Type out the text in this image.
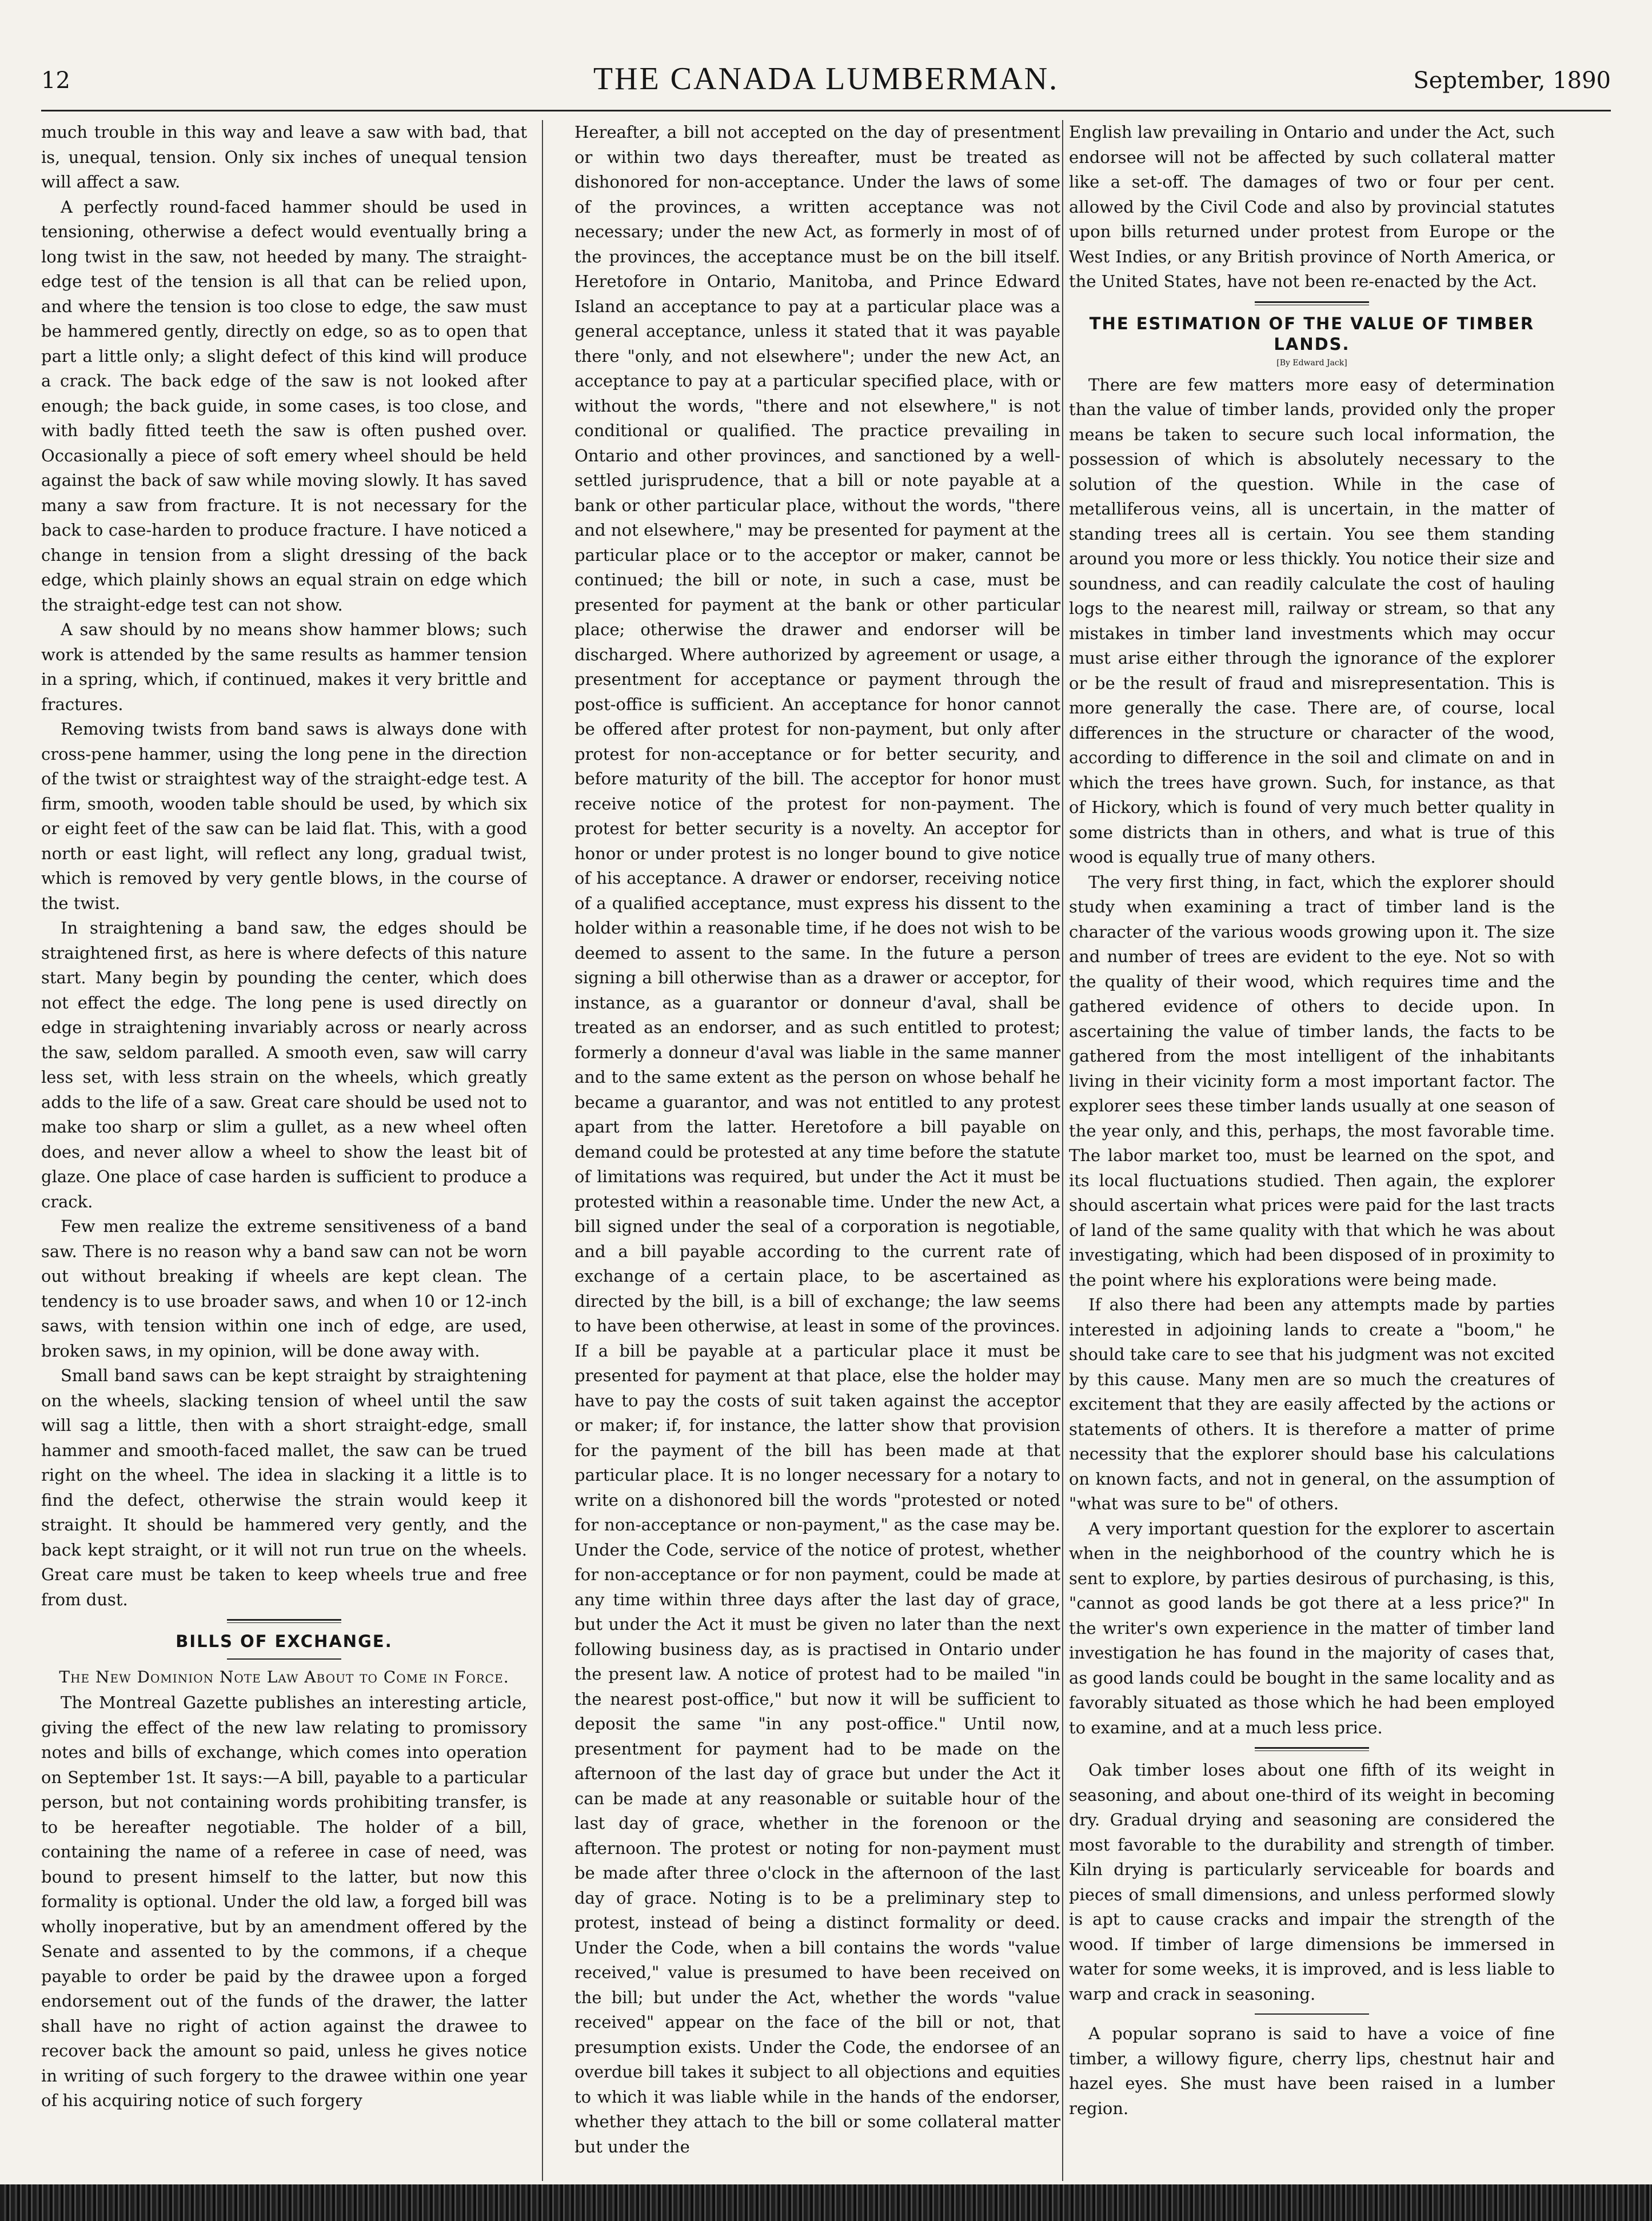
12	THE CANADA LUMBERMAN.	September, 1890

much trouble in this way and leave a saw with bad, that is, unequal, tension. Only six inches of unequal tension will affect a saw.

A perfectly round-faced hammer should be used in tensioning, otherwise a defect would eventually bring a long twist in the saw, not heeded by many. The straight-edge test of the tension is all that can be relied upon, and where the tension is too close to edge, the saw must be hammered gently, directly on edge, so as to open that part a little only; a slight defect of this kind will produce a crack. The back edge of the saw is not looked after enough; the back guide, in some cases, is too close, and with badly fitted teeth the saw is often pushed over. Occasionally a piece of soft emery wheel should be held against the back of saw while moving slowly. It has saved many a saw from fracture. It is not necessary for the back to case-harden to produce fracture. I have noticed a change in tension from a slight dressing of the back edge, which plainly shows an equal strain on edge which the straight-edge test can not show.

A saw should by no means show hammer blows; such work is attended by the same results as hammer tension in a spring, which, if continued, makes it very brittle and fractures.

Removing twists from band saws is always done with cross-pene hammer, using the long pene in the direction of the twist or straightest way of the straight-edge test. A firm, smooth, wooden table should be used, by which six or eight feet of the saw can be laid flat. This, with a good north or east light, will reflect any long, gradual twist, which is removed by very gentle blows, in the course of the twist.

In straightening a band saw, the edges should be straightened first, as here is where defects of this nature start. Many begin by pounding the center, which does not effect the edge. The long pene is used directly on edge in straightening invariably across or nearly across the saw, seldom paralled. A smooth even, saw will carry less set, with less strain on the wheels, which greatly adds to the life of a saw. Great care should be used not to make too sharp or slim a gullet, as a new wheel often does, and never allow a wheel to show the least bit of glaze. One place of case harden is sufficient to produce a crack.

Few men realize the extreme sensitiveness of a band saw. There is no reason why a band saw can not be worn out without breaking if wheels are kept clean. The tendency is to use broader saws, and when 10 or 12-inch saws, with tension within one inch of edge, are used, broken saws, in my opinion, will be done away with.

Small band saws can be kept straight by straightening on the wheels, slacking tension of wheel until the saw will sag a little, then with a short straight-edge, small hammer and smooth-faced mallet, the saw can be trued right on the wheel. The idea in slacking it a little is to find the defect, otherwise the strain would keep it straight. It should be hammered very gently, and the back kept straight, or it will not run true on the wheels. Great care must be taken to keep wheels true and free from dust.

BILLS OF EXCHANGE.
The New Dominion Note Law About to Come in Force.

The Montreal Gazette publishes an interesting article, giving the effect of the new law relating to promissory notes and bills of exchange, which comes into operation on September 1st. It says:—A bill, payable to a particular person, but not containing words prohibiting transfer, is to be hereafter negotiable. The holder of a bill, containing the name of a referee in case of need, was bound to present himself to the latter, but now this formality is optional. Under the old law, a forged bill was wholly inoperative, but by an amendment offered by the Senate and assented to by the commons, if a cheque payable to order be paid by the drawee upon a forged endorsement out of the funds of the drawer, the latter shall have no right of action against the drawee to recover back the amount so paid, unless he gives notice in writing of such forgery to the drawee within one year of his acquiring notice of such forgery

Hereafter, a bill not accepted on the day of presentment or within two days thereafter, must be treated as dishonored for non-acceptance. Under the laws of some of the provinces, a written acceptance was not necessary; under the new Act, as formerly in most of of the provinces, the acceptance must be on the bill itself. Heretofore in Ontario, Manitoba, and Prince Edward Island an acceptance to pay at a particular place was a general acceptance, unless it stated that it was payable there "only, and not elsewhere"; under the new Act, an acceptance to pay at a particular specified place, with or without the words, "there and not elsewhere," is not conditional or qualified. The practice prevailing in Ontario and other provinces, and sanctioned by a well-settled jurisprudence, that a bill or note payable at a bank or other particular place, without the words, "there and not elsewhere," may be presented for payment at the particular place or to the acceptor or maker, cannot be continued; the bill or note, in such a case, must be presented for payment at the bank or other particular place; otherwise the drawer and endorser will be discharged. Where authorized by agreement or usage, a presentment for acceptance or payment through the post-office is sufficient. An acceptance for honor cannot be offered after protest for non-payment, but only after protest for non-acceptance or for better security, and before maturity of the bill. The acceptor for honor must receive notice of the protest for non-payment. The protest for better security is a novelty. An acceptor for honor or under protest is no longer bound to give notice of his acceptance. A drawer or endorser, receiving notice of a qualified acceptance, must express his dissent to the holder within a reasonable time, if he does not wish to be deemed to assent to the same. In the future a person signing a bill otherwise than as a drawer or acceptor, for instance, as a guarantor or donneur d'aval, shall be treated as an endorser, and as such entitled to protest; formerly a donneur d'aval was liable in the same manner and to the same extent as the person on whose behalf he became a guarantor, and was not entitled to any protest apart from the latter. Heretofore a bill payable on demand could be protested at any time before the statute of limitations was required, but under the Act it must be protested within a reasonable time. Under the new Act, a bill signed under the seal of a corporation is negotiable, and a bill payable according to the current rate of exchange of a certain place, to be ascertained as directed by the bill, is a bill of exchange; the law seems to have been otherwise, at least in some of the provinces. If a bill be payable at a particular place it must be presented for payment at that place, else the holder may have to pay the costs of suit taken against the acceptor or maker; if, for instance, the latter show that provision for the payment of the bill has been made at that particular place. It is no longer necessary for a notary to write on a dishonored bill the words "protested or noted for non-acceptance or non-payment," as the case may be. Under the Code, service of the notice of protest, whether for non-acceptance or for non payment, could be made at any time within three days after the last day of grace, but under the Act it must be given no later than the next following business day, as is practised in Ontario under the present law. A notice of protest had to be mailed "in the nearest post-office," but now it will be sufficient to deposit the same "in any post-office." Until now, presentment for payment had to be made on the afternoon of the last day of grace but under the Act it can be made at any reasonable or suitable hour of the last day of grace, whether in the forenoon or the afternoon. The protest or noting for non-payment must be made after three o'clock in the afternoon of the last day of grace. Noting is to be a preliminary step to protest, instead of being a distinct formality or deed. Under the Code, when a bill contains the words "value received," value is presumed to have been received on the bill; but under the Act, whether the words "value received" appear on the face of the bill or not, that presumption exists. Under the Code, the endorsee of an overdue bill takes it subject to all objections and equities to which it was liable while in the hands of the endorser, whether they attach to the bill or some collateral matter but under the

English law prevailing in Ontario and under the Act, such endorsee will not be affected by such collateral matter like a set-off. The damages of two or four per cent. allowed by the Civil Code and also by provincial statutes upon bills returned under protest from Europe or the West Indies, or any British province of North America, or the United States, have not been re-enacted by the Act.

THE ESTIMATION OF THE VALUE OF TIMBER LANDS.
[By Edward Jack]

There are few matters more easy of determination than the value of timber lands, provided only the proper means be taken to secure such local information, the possession of which is absolutely necessary to the solution of the question. While in the case of metalliferous veins, all is uncertain, in the matter of standing trees all is certain. You see them standing around you more or less thickly. You notice their size and soundness, and can readily calculate the cost of hauling logs to the nearest mill, railway or stream, so that any mistakes in timber land investments which may occur must arise either through the ignorance of the explorer or be the result of fraud and misrepresentation. This is more generally the case. There are, of course, local differences in the structure or character of the wood, according to difference in the soil and climate on and in which the trees have grown. Such, for instance, as that of Hickory, which is found of very much better quality in some districts than in others, and what is true of this wood is equally true of many others.

The very first thing, in fact, which the explorer should study when examining a tract of timber land is the character of the various woods growing upon it. The size and number of trees are evident to the eye. Not so with the quality of their wood, which requires time and the gathered evidence of others to decide upon. In ascertaining the value of timber lands, the facts to be gathered from the most intelligent of the inhabitants living in their vicinity form a most important factor. The explorer sees these timber lands usually at one season of the year only, and this, perhaps, the most favorable time. The labor market too, must be learned on the spot, and its local fluctuations studied. Then again, the explorer should ascertain what prices were paid for the last tracts of land of the same quality with that which he was about investigating, which had been disposed of in proximity to the point where his explorations were being made.

If also there had been any attempts made by parties interested in adjoining lands to create a "boom," he should take care to see that his judgment was not excited by this cause. Many men are so much the creatures of excitement that they are easily affected by the actions or statements of others. It is therefore a matter of prime necessity that the explorer should base his calculations on known facts, and not in general, on the assumption of "what was sure to be" of others.

A very important question for the explorer to ascertain when in the neighborhood of the country which he is sent to explore, by parties desirous of purchasing, is this, "cannot as good lands be got there at a less price?" In the writer's own experience in the matter of timber land investigation he has found in the majority of cases that, as good lands could be bought in the same locality and as favorably situated as those which he had been employed to examine, and at a much less price.

Oak timber loses about one fifth of its weight in seasoning, and about one-third of its weight in becoming dry. Gradual drying and seasoning are considered the most favorable to the durability and strength of timber. Kiln drying is particularly serviceable for boards and pieces of small dimensions, and unless performed slowly is apt to cause cracks and impair the strength of the wood. If timber of large dimensions be immersed in water for some weeks, it is improved, and is less liable to warp and crack in seasoning.

A popular soprano is said to have a voice of fine timber, a willowy figure, cherry lips, chestnut hair and hazel eyes. She must have been raised in a lumber region.
